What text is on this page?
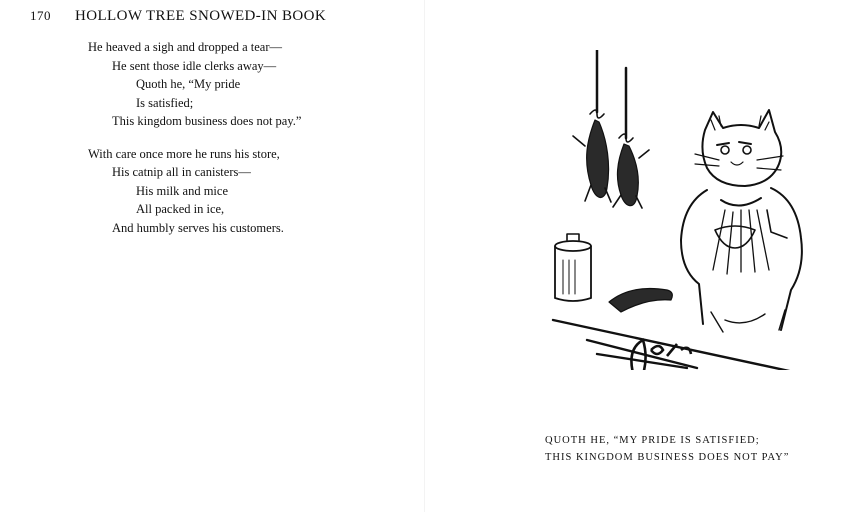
170 HOLLOW TREE SNOWED-IN BOOK
He heaved a sigh and dropped a tear—
He sent those idle clerks away—
Quoth he, “My pride
Is satisfied;
This kingdom business does not pay.”
With care once more he runs his store,
His catnip all in canisters—
His milk and mice
All packed in ice,
And humbly serves his customers.
QUOTH HE, “MY PRIDE IS SATISFIED;
THIS KINGDOM BUSINESS DOES NOT PAY”
